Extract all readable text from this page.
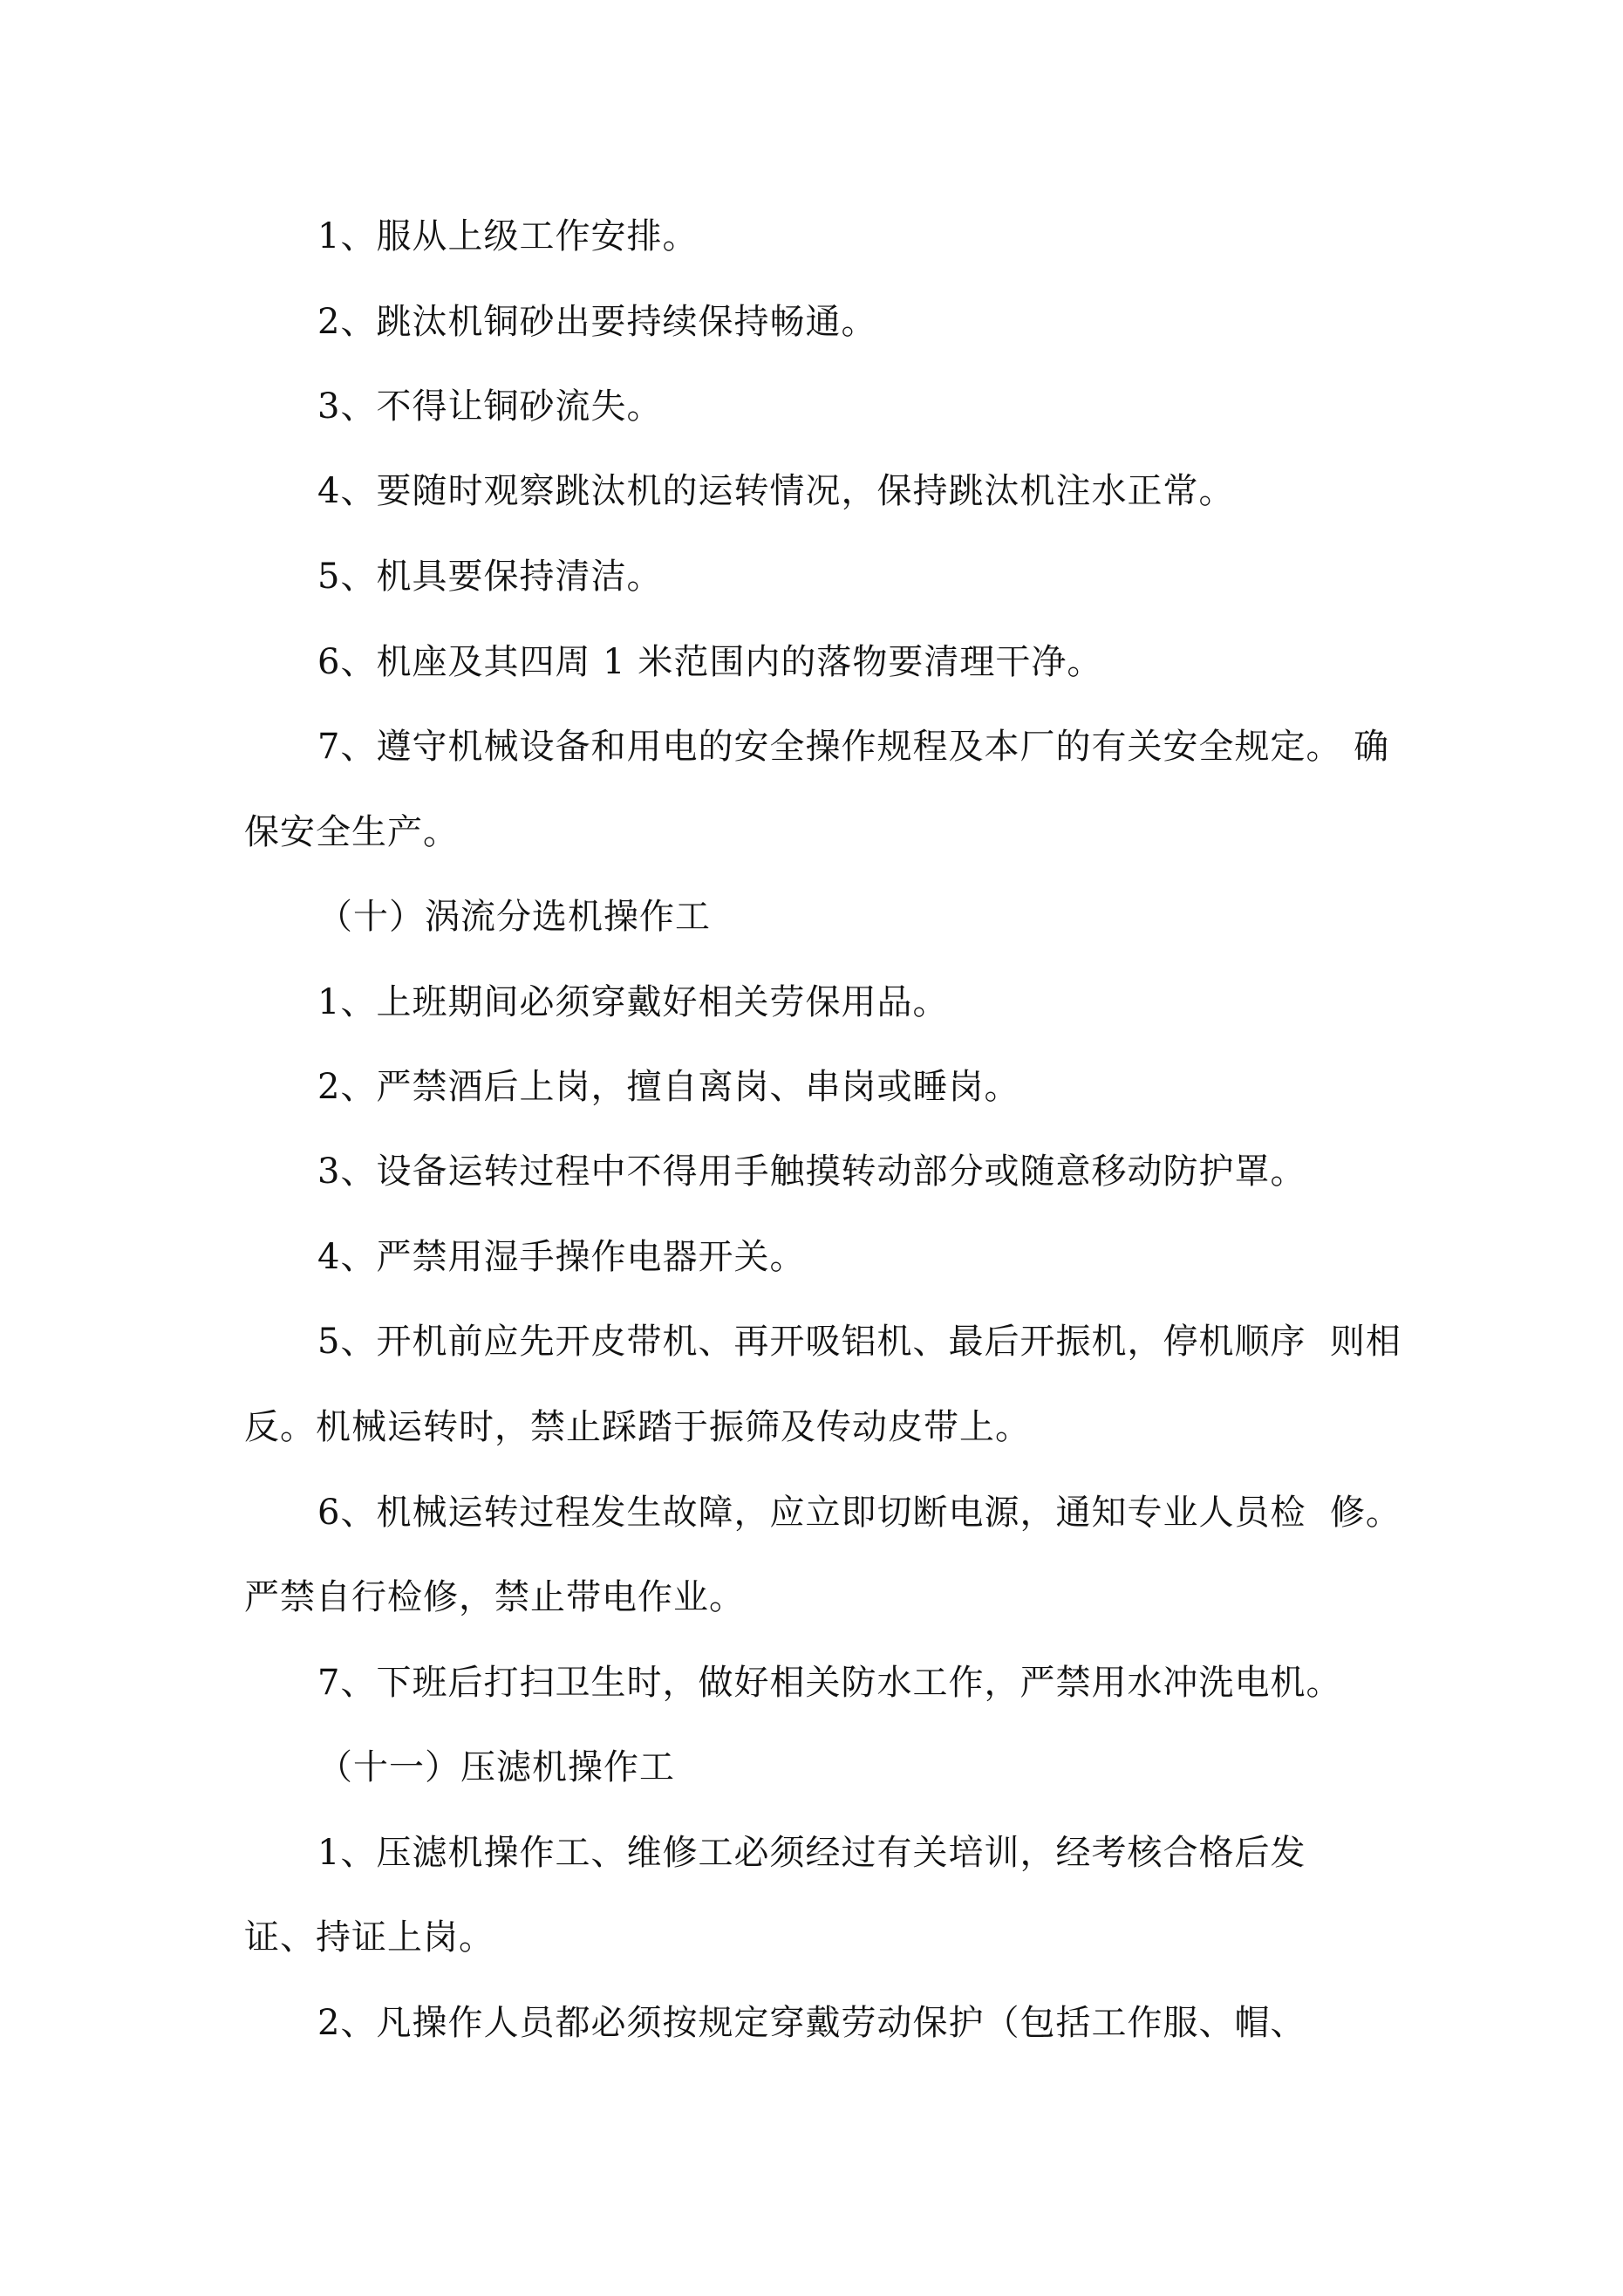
1、服从上级工作安排。
2、跳汰机铜砂出要持续保持畅通。
3、不得让铜砂流失。
4、要随时观察跳汰机的运转情况，保持跳汰机注水正常。
5、机具要保持清洁。
6、机座及其四周 1 米范围内的落物要清理干净。
7、遵守机械设备和用电的安全操作规程及本厂的有关安全规定。 确
保安全生产。
（十）涡流分选机操作工
1、上班期间必须穿戴好相关劳保用品。
2、严禁酒后上岗，擅自离岗、串岗或睡岗。
3、设备运转过程中不得用手触摸转动部分或随意移动防护罩。
4、严禁用湿手操作电器开关。
5、开机前应先开皮带机、再开吸铝机、最后开振机，停机顺序  则相
反。机械运转时，禁止踩踏于振筛及传动皮带上。
6、机械运转过程发生故障，应立即切断电源，通知专业人员检  修。
严禁自行检修，禁止带电作业。
7、下班后打扫卫生时，做好相关防水工作，严禁用水冲洗电机。
（十一）压滤机操作工
1、压滤机操作工、维修工必须经过有关培训，经考核合格后发
证、持证上岗。
2、凡操作人员都必须按规定穿戴劳动保护（包括工作服、帽、
